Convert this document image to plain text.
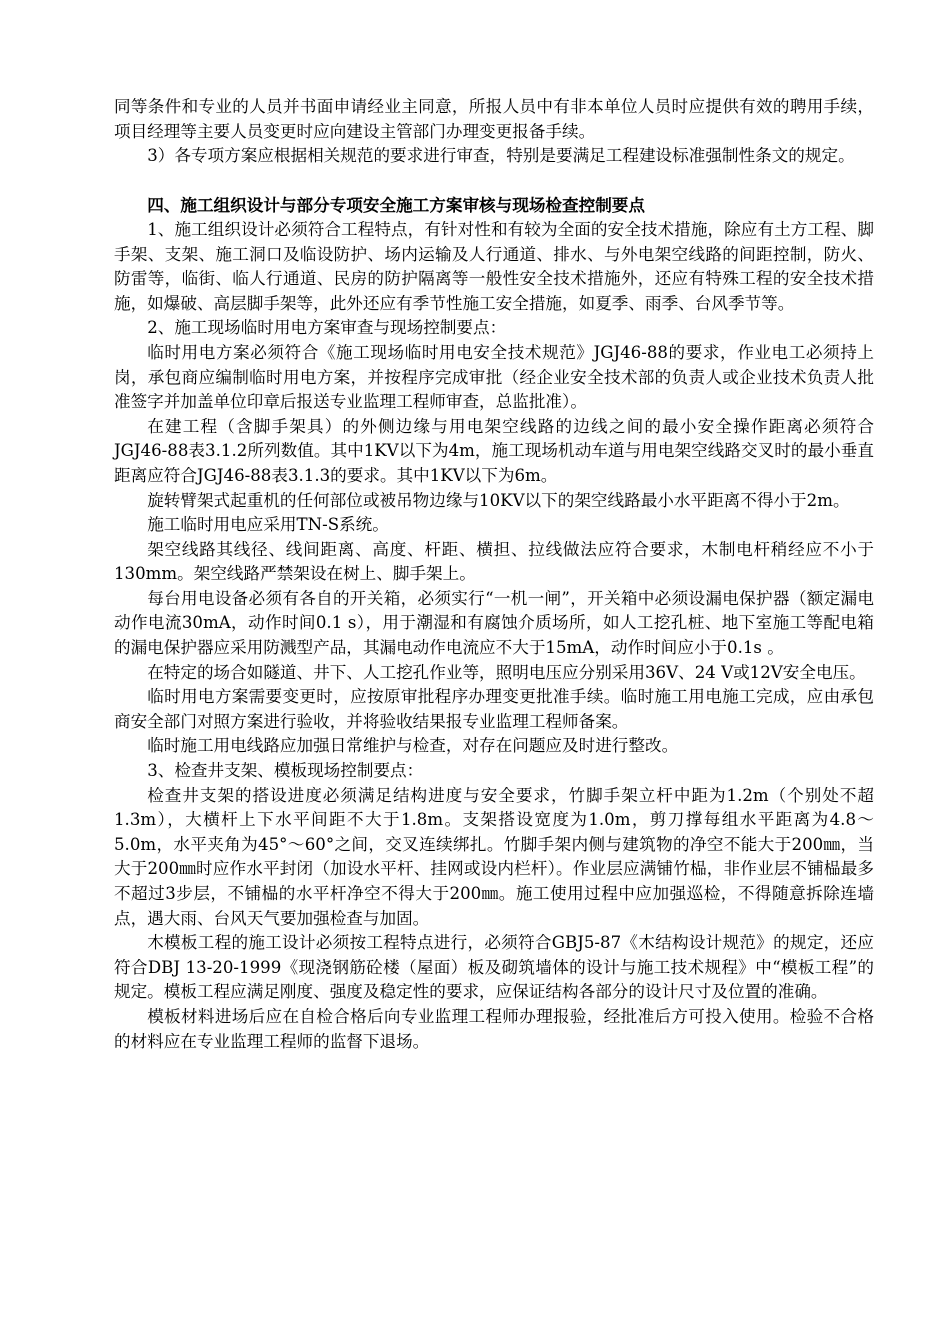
同等条件和专业的人员并书面申请经业主同意，所报人员中有非本单位人员时应提供有效的聘用手续，项目经理等主要人员变更时应向建设主管部门办理变更报备手续。

3）各专项方案应根据相关规范的要求进行审查，特别是要满足工程建设标准强制性条文的规定。

四、施工组织设计与部分专项安全施工方案审核与现场检查控制要点

1、施工组织设计必须符合工程特点，有针对性和有较为全面的安全技术措施，除应有土方工程、脚手架、支架、施工洞口及临设防护、场内运输及人行通道、排水、与外电架空线路的间距控制，防火、防雷等，临街、临人行通道、民房的防护隔离等一般性安全技术措施外，还应有特殊工程的安全技术措施，如爆破、高层脚手架等，此外还应有季节性施工安全措施，如夏季、雨季、台风季节等。

2、施工现场临时用电方案审查与现场控制要点：

临时用电方案必须符合《施工现场临时用电安全技术规范》JGJ46-88的要求，作业电工必须持上岗，承包商应编制临时用电方案，并按程序完成审批（经企业安全技术部的负责人或企业技术负责人批准签字并加盖单位印章后报送专业监理工程师审查，总监批准）。

在建工程（含脚手架具）的外侧边缘与用电架空线路的边线之间的最小安全操作距离必须符合JGJ46-88表3.1.2所列数值。其中1KV以下为4m，施工现场机动车道与用电架空线路交叉时的最小垂直距离应符合JGJ46-88表3.1.3的要求。其中1KV以下为6m。

旋转臂架式起重机的任何部位或被吊物边缘与10KV以下的架空线路最小水平距离不得小于2m。

施工临时用电应采用TN-S系统。

架空线路其线径、线间距离、高度、杆距、横担、拉线做法应符合要求，木制电杆稍经应不小于130mm。架空线路严禁架设在树上、脚手架上。

每台用电设备必须有各自的开关箱，必须实行“一机一闸”，开关箱中必须设漏电保护器（额定漏电动作电流30mA，动作时间0.1 s），用于潮湿和有腐蚀介质场所，如人工挖孔桩、地下室施工等配电箱的漏电保护器应采用防溅型产品，其漏电动作电流应不大于15mA，动作时间应小于0.1s 。

在特定的场合如隧道、井下、人工挖孔作业等，照明电压应分别采用36V、24 V或12V安全电压。

临时用电方案需要变更时，应按原审批程序办理变更批准手续。临时施工用电施工完成，应由承包商安全部门对照方案进行验收，并将验收结果报专业监理工程师备案。

临时施工用电线路应加强日常维护与检查，对存在问题应及时进行整改。

3、检查井支架、模板现场控制要点：

检查井支架的搭设进度必须满足结构进度与安全要求，竹脚手架立杆中距为1.2m（个别处不超1.3m），大横杆上下水平间距不大于1.8m。支架搭设宽度为1.0m，剪刀撑每组水平距离为4.8～5.0m，水平夹角为45°～60°之间，交叉连续绑扎。竹脚手架内侧与建筑物的净空不能大于200㎜，当大于200㎜时应作水平封闭（加设水平杆、挂网或设内栏杆）。作业层应满铺竹榀，非作业层不铺榀最多不超过3步层，不铺榀的水平杆净空不得大于200㎜。施工使用过程中应加强巡检，不得随意拆除连墙点，遇大雨、台风天气要加强检查与加固。

木模板工程的施工设计必须按工程特点进行，必须符合GBJ5-87《木结构设计规范》的规定，还应符合DBJ 13-20-1999《现浇钢筋砼楼（屋面）板及砌筑墙体的设计与施工技术规程》中“模板工程”的规定。模板工程应满足刚度、强度及稳定性的要求，应保证结构各部分的设计尺寸及位置的准确。

模板材料进场后应在自检合格后向专业监理工程师办理报验，经批准后方可投入使用。检验不合格的材料应在专业监理工程师的监督下退场。
